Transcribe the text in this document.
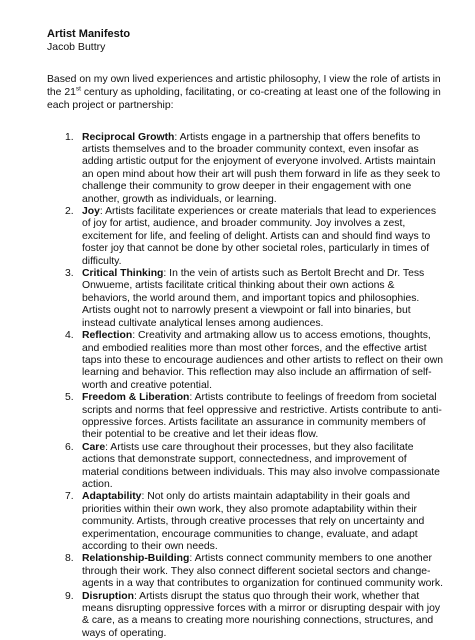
Artist Manifesto

Jacob Buttry

Based on my own lived experiences and artistic philosophy, I view the role of artists in the 21st century as upholding, facilitating, or co-creating at least one of the following in each project or partnership:

1. Reciprocal Growth: Artists engage in a partnership that offers benefits to artists themselves and to the broader community context, even insofar as adding artistic output for the enjoyment of everyone involved. Artists maintain an open mind about how their art will push them forward in life as they seek to challenge their community to grow deeper in their engagement with one another, growth as individuals, or learning.
2. Joy: Artists facilitate experiences or create materials that lead to experiences of joy for artist, audience, and broader community. Joy involves a zest, excitement for life, and feeling of delight. Artists can and should find ways to foster joy that cannot be done by other societal roles, particularly in times of difficulty.
3. Critical Thinking: In the vein of artists such as Bertolt Brecht and Dr. Tess Onwueme, artists facilitate critical thinking about their own actions & behaviors, the world around them, and important topics and philosophies. Artists ought not to narrowly present a viewpoint or fall into binaries, but instead cultivate analytical lenses among audiences.
4. Reflection: Creativity and artmaking allow us to access emotions, thoughts, and embodied realities more than most other forces, and the effective artist taps into these to encourage audiences and other artists to reflect on their own learning and behavior. This reflection may also include an affirmation of self-worth and creative potential.
5. Freedom & Liberation: Artists contribute to feelings of freedom from societal scripts and norms that feel oppressive and restrictive. Artists contribute to anti-oppressive forces. Artists facilitate an assurance in community members of their potential to be creative and let their ideas flow.
6. Care: Artists use care throughout their processes, but they also facilitate actions that demonstrate support, connectedness, and improvement of material conditions between individuals. This may also involve compassionate action.
7. Adaptability: Not only do artists maintain adaptability in their goals and priorities within their own work, they also promote adaptability within their community. Artists, through creative processes that rely on uncertainty and experimentation, encourage communities to change, evaluate, and adapt according to their own needs.
8. Relationship-Building: Artists connect community members to one another through their work. They also connect different societal sectors and change-agents in a way that contributes to organization for continued community work.
9. Disruption: Artists disrupt the status quo through their work, whether that means disrupting oppressive forces with a mirror or disrupting despair with joy & care, as a means to creating more nourishing connections, structures, and ways of operating.
